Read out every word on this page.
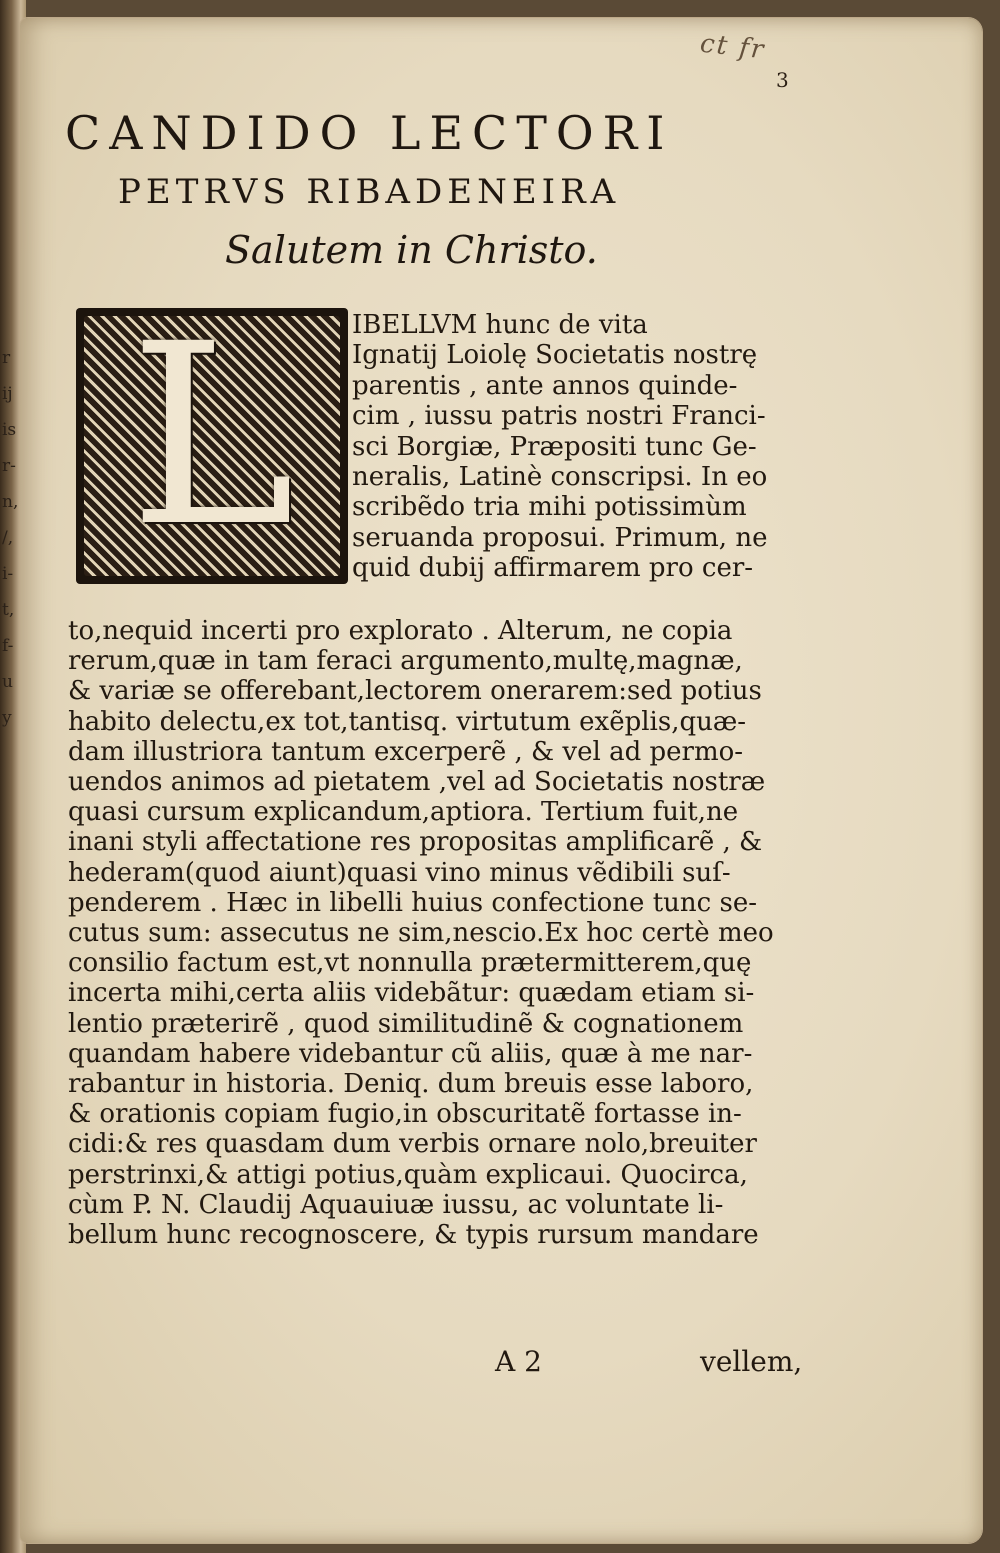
r
ij
is
r-
n,
/,
i-
t,
f-
u
y
ct fr
3
CANDIDO LECTORI
PETRVS RIBADENEIRA
Salutem in Christo.
L	IBELLVM hunc de vita
Ignatij Loiolę Societatis nostrę
parentis , ante annos quinde-
cim , iussu patris nostri Franci-
sci Borgiæ, Præpositi tunc Ge-
neralis, Latinè conscripsi. In eo
scribẽdo tria mihi potissimùm
seruanda proposui. Primum, ne
quid dubij affirmarem pro cer-
to,nequid incerti pro explorato . Alterum, ne copia
rerum,quæ in tam feraci argumento,multę,magnæ,
& variæ se offerebant,lectorem onerarem:sed potius
habito delectu,ex tot,tantisq. virtutum exẽplis,quæ-
dam illustriora tantum excerperẽ , & vel ad permo-
uendos animos ad pietatem ,vel ad Societatis nostræ
quasi cursum explicandum,aptiora. Tertium fuit,ne
inani styli affectatione res propositas amplificarẽ , &
hederam(quod aiunt)quasi vino minus vẽdibili suſ-
penderem . Hæc in libelli huius confectione tunc se-
cutus sum: assecutus ne sim,nescio.Ex hoc certè meo
consilio factum est,vt nonnulla prætermitterem,quę
incerta mihi,certa aliis videbãtur: quædam etiam si-
lentio præterirẽ , quod similitudinẽ & cognationem
quandam habere videbantur cũ aliis, quæ à me nar-
rabantur in historia. Deniq. dum breuis esse laboro,
& orationis copiam fugio,in obscuritatẽ fortasse in-
cidi:& res quasdam dum verbis ornare nolo,breuiter
perstrinxi,& attigi potius,quàm explicaui. Quocirca,
cùm P. N. Claudij Aquauiuæ iussu, ac voluntate li-
bellum hunc recognoscere, & typis rursum mandare
A 2	vellem,
